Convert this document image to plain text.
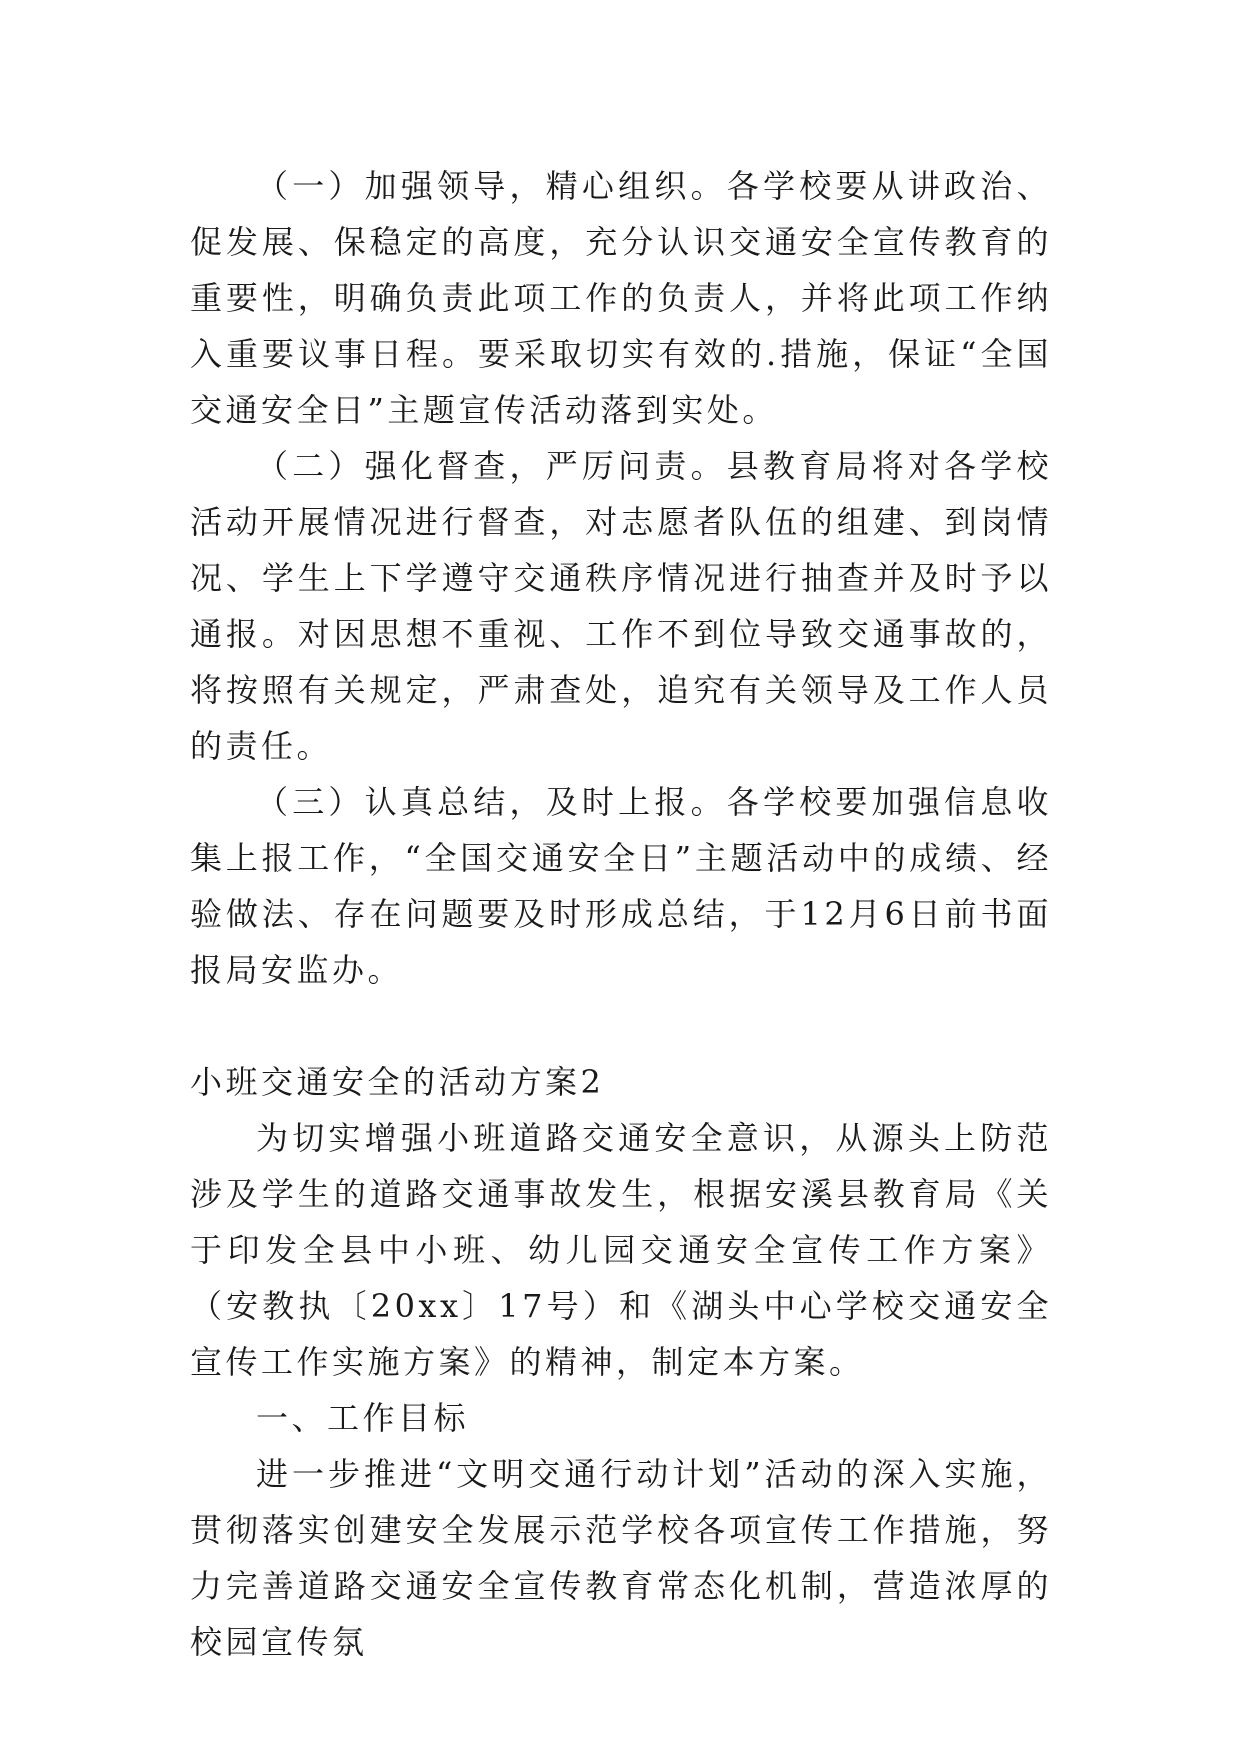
（一）加强领导，精心组织。各学校要从讲政治、促发展、保稳定的高度，充分认识交通安全宣传教育的重要性，明确负责此项工作的负责人，并将此项工作纳入重要议事日程。要采取切实有效的.措施，保证“全国交通安全日”主题宣传活动落到实处。

（二）强化督查，严厉问责。县教育局将对各学校活动开展情况进行督查，对志愿者队伍的组建、到岗情况、学生上下学遵守交通秩序情况进行抽查并及时予以通报。对因思想不重视、工作不到位导致交通事故的，将按照有关规定，严肃查处，追究有关领导及工作人员的责任。

（三）认真总结，及时上报。各学校要加强信息收集上报工作，“全国交通安全日”主题活动中的成绩、经验做法、存在问题要及时形成总结，于12月6日前书面报局安监办。

小班交通安全的活动方案2

为切实增强小班道路交通安全意识，从源头上防范涉及学生的道路交通事故发生，根据安溪县教育局《关于印发全县中小班、幼儿园交通安全宣传工作方案》（安教执〔20xx〕17号）和《湖头中心学校交通安全宣传工作实施方案》的精神，制定本方案。

一、工作目标

进一步推进“文明交通行动计划”活动的深入实施，贯彻落实创建安全发展示范学校各项宣传工作措施，努力完善道路交通安全宣传教育常态化机制，营造浓厚的校园宣传氛
